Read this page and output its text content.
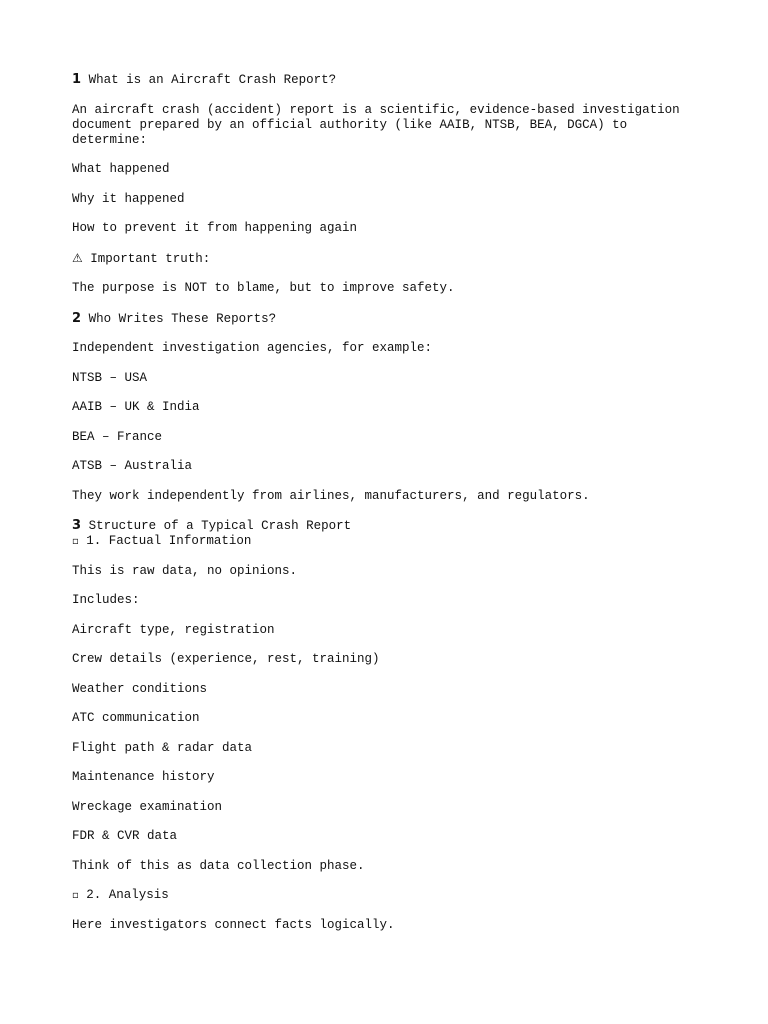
1 What is an Aircraft Crash Report?

An aircraft crash (accident) report is a scientific, evidence-based investigation document prepared by an official authority (like AAIB, NTSB, BEA, DGCA) to determine:

What happened

Why it happened

How to prevent it from happening again

⚠ Important truth:

The purpose is NOT to blame, but to improve safety.

2 Who Writes These Reports?

Independent investigation agencies, for example:

NTSB – USA

AAIB – UK & India

BEA – France

ATSB – Australia

They work independently from airlines, manufacturers, and regulators.

3 Structure of a Typical Crash Report

▫ 1. Factual Information

This is raw data, no opinions.

Includes:

Aircraft type, registration

Crew details (experience, rest, training)

Weather conditions

ATC communication

Flight path & radar data

Maintenance history

Wreckage examination

FDR & CVR data

Think of this as data collection phase.

▫ 2. Analysis

Here investigators connect facts logically.
